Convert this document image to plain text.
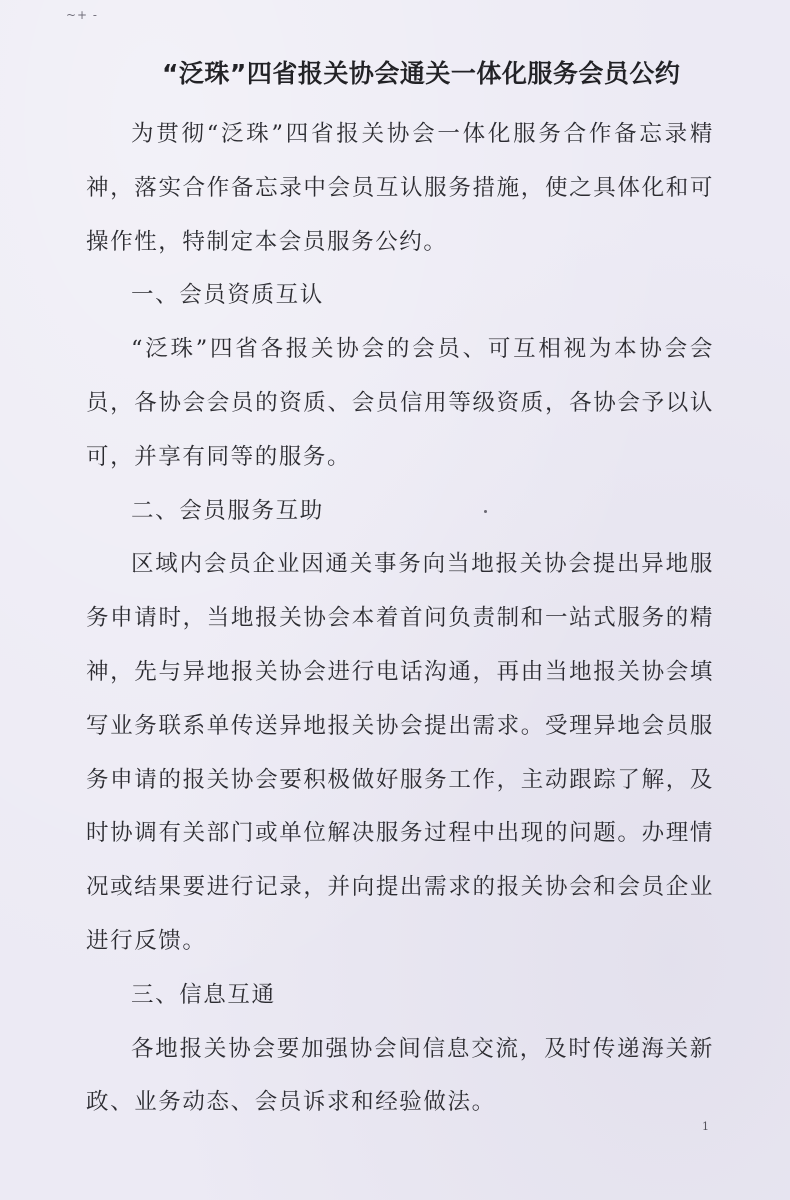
~+ -
“泛珠”四省报关协会通关一体化服务会员公约

为贯彻“泛珠”四省报关协会一体化服务合作备忘录精神，落实合作备忘录中会员互认服务措施，使之具体化和可操作性，特制定本会员服务公约。

一、会员资质互认

“泛珠”四省各报关协会的会员、可互相视为本协会会员，各协会会员的资质、会员信用等级资质，各协会予以认可，并享有同等的服务。

二、会员服务互助

区域内会员企业因通关事务向当地报关协会提出异地服务申请时，当地报关协会本着首问负责制和一站式服务的精神，先与异地报关协会进行电话沟通，再由当地报关协会填写业务联系单传送异地报关协会提出需求。受理异地会员服务申请的报关协会要积极做好服务工作，主动跟踪了解，及时协调有关部门或单位解决服务过程中出现的问题。办理情况或结果要进行记录，并向提出需求的报关协会和会员企业进行反馈。

三、信息互通

各地报关协会要加强协会间信息交流，及时传递海关新政、业务动态、会员诉求和经验做法。

1
